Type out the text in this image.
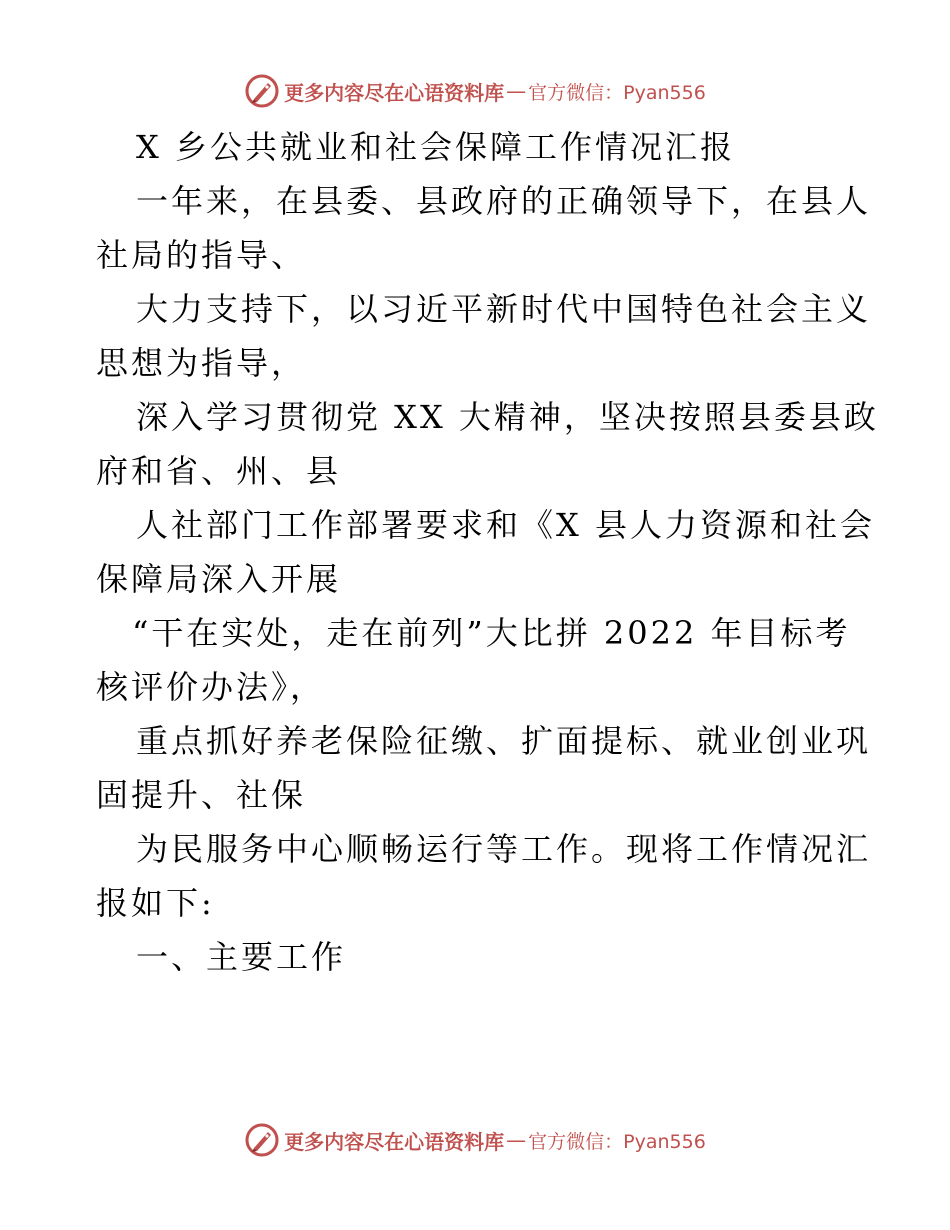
更多内容尽在心语资料库 — 官方微信：Pyan556
X 乡公共就业和社会保障工作情况汇报
一年来，在县委、县政府的正确领导下，在县人
社局的指导、
大力支持下，以习近平新时代中国特色社会主义
思想为指导，
深入学习贯彻党 XX 大精神，坚决按照县委县政
府和省、州、县
人社部门工作部署要求和《X 县人力资源和社会
保障局深入开展
“干在实处，走在前列”大比拼 2022 年目标考
核评价办法》，
重点抓好养老保险征缴、扩面提标、就业创业巩
固提升、社保
为民服务中心顺畅运行等工作。现将工作情况汇
报如下:
一、主要工作
更多内容尽在心语资料库 — 官方微信：Pyan556
